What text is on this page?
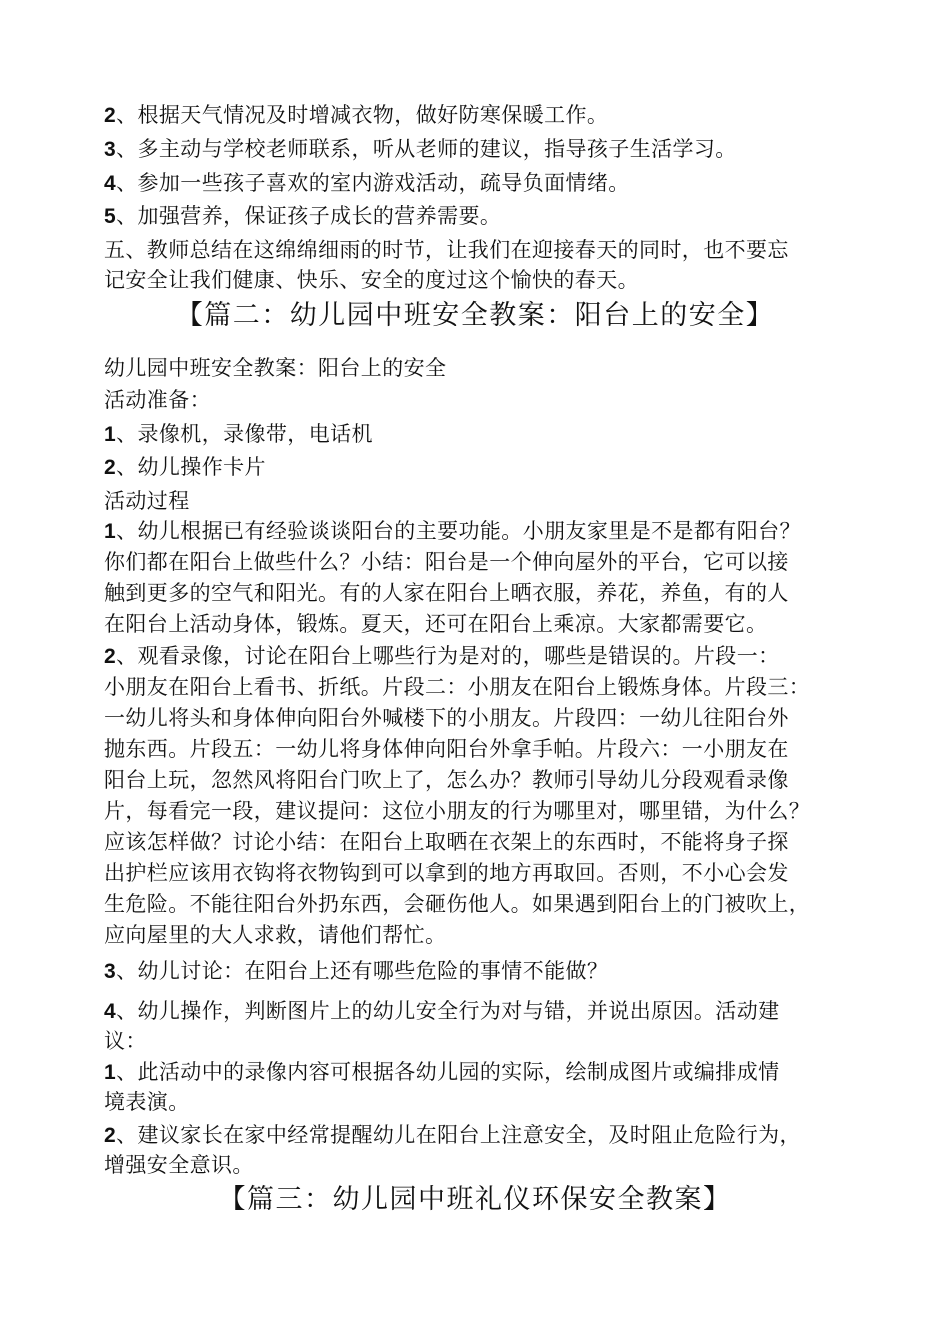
2、根据天气情况及时增减衣物，做好防寒保暖工作。
3、多主动与学校老师联系，听从老师的建议，指导孩子生活学习。
4、参加一些孩子喜欢的室内游戏活动，疏导负面情绪。
5、加强营养，保证孩子成长的营养需要。
五、教师总结在这绵绵细雨的时节，让我们在迎接春天的同时，也不要忘
记安全让我们健康、快乐、安全的度过这个愉快的春天。
【篇二：幼儿园中班安全教案：阳台上的安全】
幼儿园中班安全教案：阳台上的安全
活动准备：
1、录像机，录像带，电话机
2、幼儿操作卡片
活动过程
1、幼儿根据已有经验谈谈阳台的主要功能。小朋友家里是不是都有阳台？
你们都在阳台上做些什么？小结：阳台是一个伸向屋外的平台，它可以接
触到更多的空气和阳光。有的人家在阳台上晒衣服，养花，养鱼，有的人
在阳台上活动身体，锻炼。夏天，还可在阳台上乘凉。大家都需要它。
2、观看录像，讨论在阳台上哪些行为是对的，哪些是错误的。片段一：
小朋友在阳台上看书、折纸。片段二：小朋友在阳台上锻炼身体。片段三：
一幼儿将头和身体伸向阳台外喊楼下的小朋友。片段四：一幼儿往阳台外
抛东西。片段五：一幼儿将身体伸向阳台外拿手帕。片段六：一小朋友在
阳台上玩，忽然风将阳台门吹上了，怎么办？教师引导幼儿分段观看录像
片，每看完一段，建议提问：这位小朋友的行为哪里对，哪里错，为什么？
应该怎样做？讨论小结：在阳台上取晒在衣架上的东西时，不能将身子探
出护栏应该用衣钩将衣物钩到可以拿到的地方再取回。否则，不小心会发
生危险。不能往阳台外扔东西，会砸伤他人。如果遇到阳台上的门被吹上，
应向屋里的大人求救，请他们帮忙。
3、幼儿讨论：在阳台上还有哪些危险的事情不能做？
4、幼儿操作，判断图片上的幼儿安全行为对与错，并说出原因。活动建
议：
1、此活动中的录像内容可根据各幼儿园的实际，绘制成图片或编排成情
境表演。
2、建议家长在家中经常提醒幼儿在阳台上注意安全，及时阻止危险行为，
增强安全意识。
【篇三：幼儿园中班礼仪环保安全教案】
